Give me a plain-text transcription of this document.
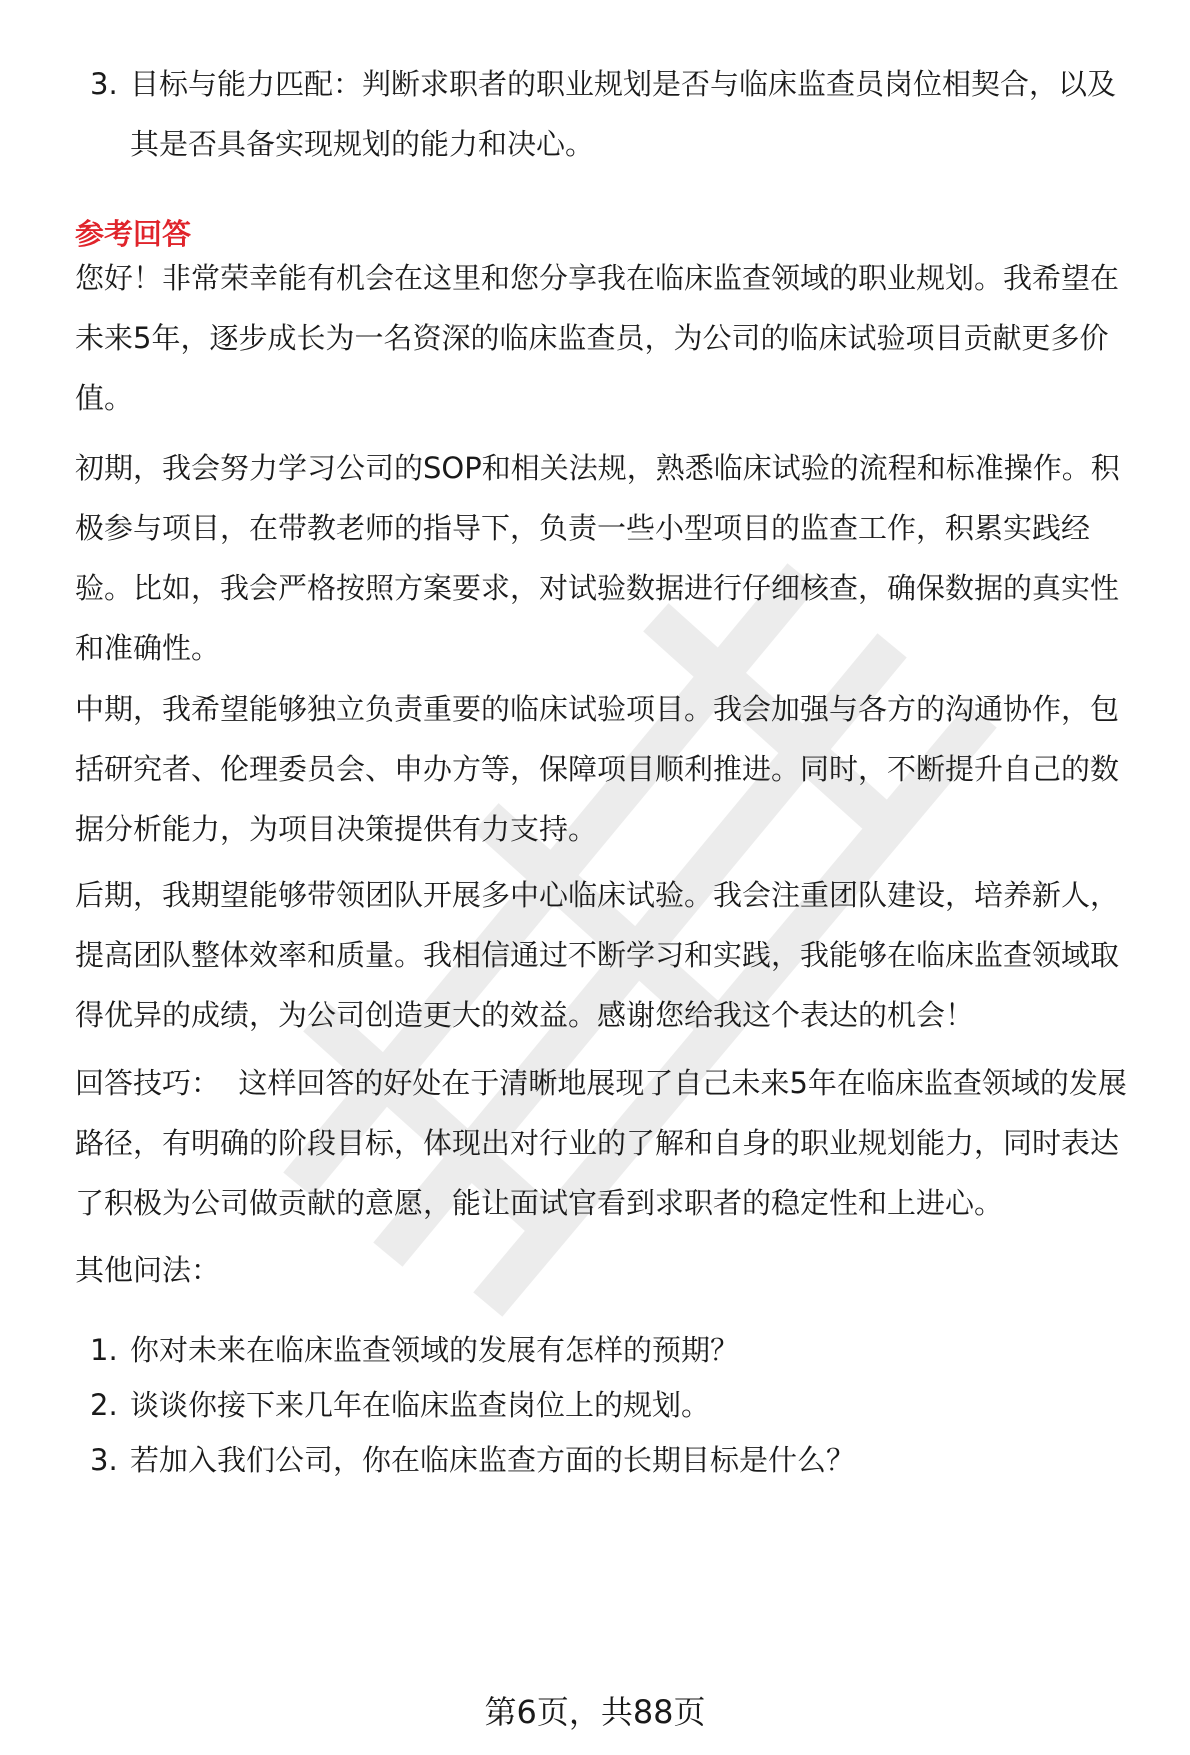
3. 目标与能力匹配：判断求职者的职业规划是否与临床监查员岗位相契合，以及
其是否具备实现规划的能力和决心。
参考回答
您好！非常荣幸能有机会在这里和您分享我在临床监查领域的职业规划。我希望在
未来5年，逐步成长为一名资深的临床监查员，为公司的临床试验项目贡献更多价
值。
初期，我会努力学习公司的SOP和相关法规，熟悉临床试验的流程和标准操作。积
极参与项目，在带教老师的指导下，负责一些小型项目的监查工作，积累实践经
验。比如，我会严格按照方案要求，对试验数据进行仔细核查，确保数据的真实性
和准确性。
中期，我希望能够独立负责重要的临床试验项目。我会加强与各方的沟通协作，包
括研究者、伦理委员会、申办方等，保障项目顺利推进。同时，不断提升自己的数
据分析能力，为项目决策提供有力支持。
后期，我期望能够带领团队开展多中心临床试验。我会注重团队建设，培养新人，
提高团队整体效率和质量。我相信通过不断学习和实践，我能够在临床监查领域取
得优异的成绩，为公司创造更大的效益。感谢您给我这个表达的机会！
回答技巧：  这样回答的好处在于清晰地展现了自己未来5年在临床监查领域的发展
路径，有明确的阶段目标，体现出对行业的了解和自身的职业规划能力，同时表达
了积极为公司做贡献的意愿，能让面试官看到求职者的稳定性和上进心。
其他问法：
1. 你对未来在临床监查领域的发展有怎样的预期？
2. 谈谈你接下来几年在临床监查岗位上的规划。
3. 若加入我们公司，你在临床监查方面的长期目标是什么？
第6页，共88页
